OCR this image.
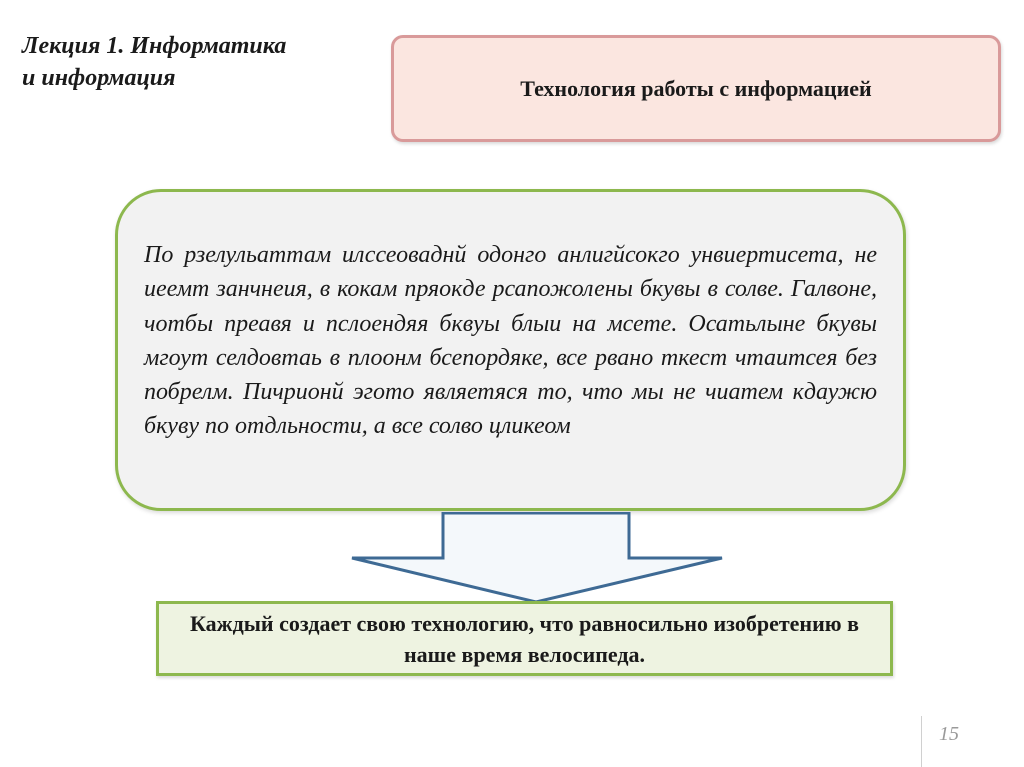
Лекция 1. Информатика
и информация	Технология работы с информацией

По рзелульаттам илссеоваднй одонго анлигйсокго унвиертисета, не иеемт занчнеия, в кокам пряокде рсапожолены бкувы в солве. Галвоне, чотбы преавя и пслоендяя бквуы блыи на мсете. Осатьлыне бкувы мгоут селдовтаь в плоонм бсепордяке, все рвано ткест чтаитсея без побрелм. Пичрионй эгото являетяся то, что мы не чиатем кдаужю бкуву по отдльности, а все солво цликеом

Каждый создает свою технологию, что равносильно изобретению в наше время велосипеда.
15
